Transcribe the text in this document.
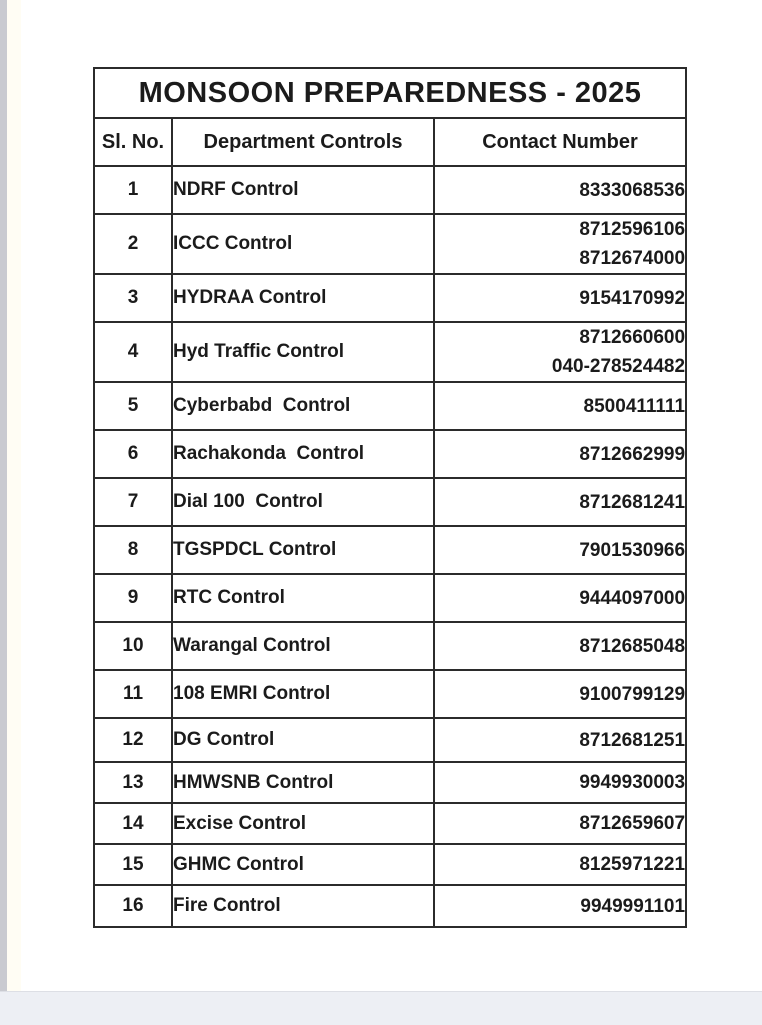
MONSOON PREPAREDNESS - 2025		
Sl. No.	Department Controls	Contact Number
1	NDRF Control	8333068536

2	ICCC Control	8712596106
8712674000

3	HYDRAA Control	9154170992

4	Hyd Traffic Control	8712660600
040-278524482

5	Cyberbabd  Control	8500411111

6	Rachakonda  Control	8712662999

7	Dial 100  Control	8712681241

8	TGSPDCL Control	7901530966

9	RTC Control	9444097000

10	Warangal Control	8712685048

11	108 EMRI Control	9100799129

12	DG Control	8712681251

13	HMWSNB Control	9949930003

14	Excise Control	8712659607

15	GHMC Control	8125971221

16	Fire Control	9949991101
